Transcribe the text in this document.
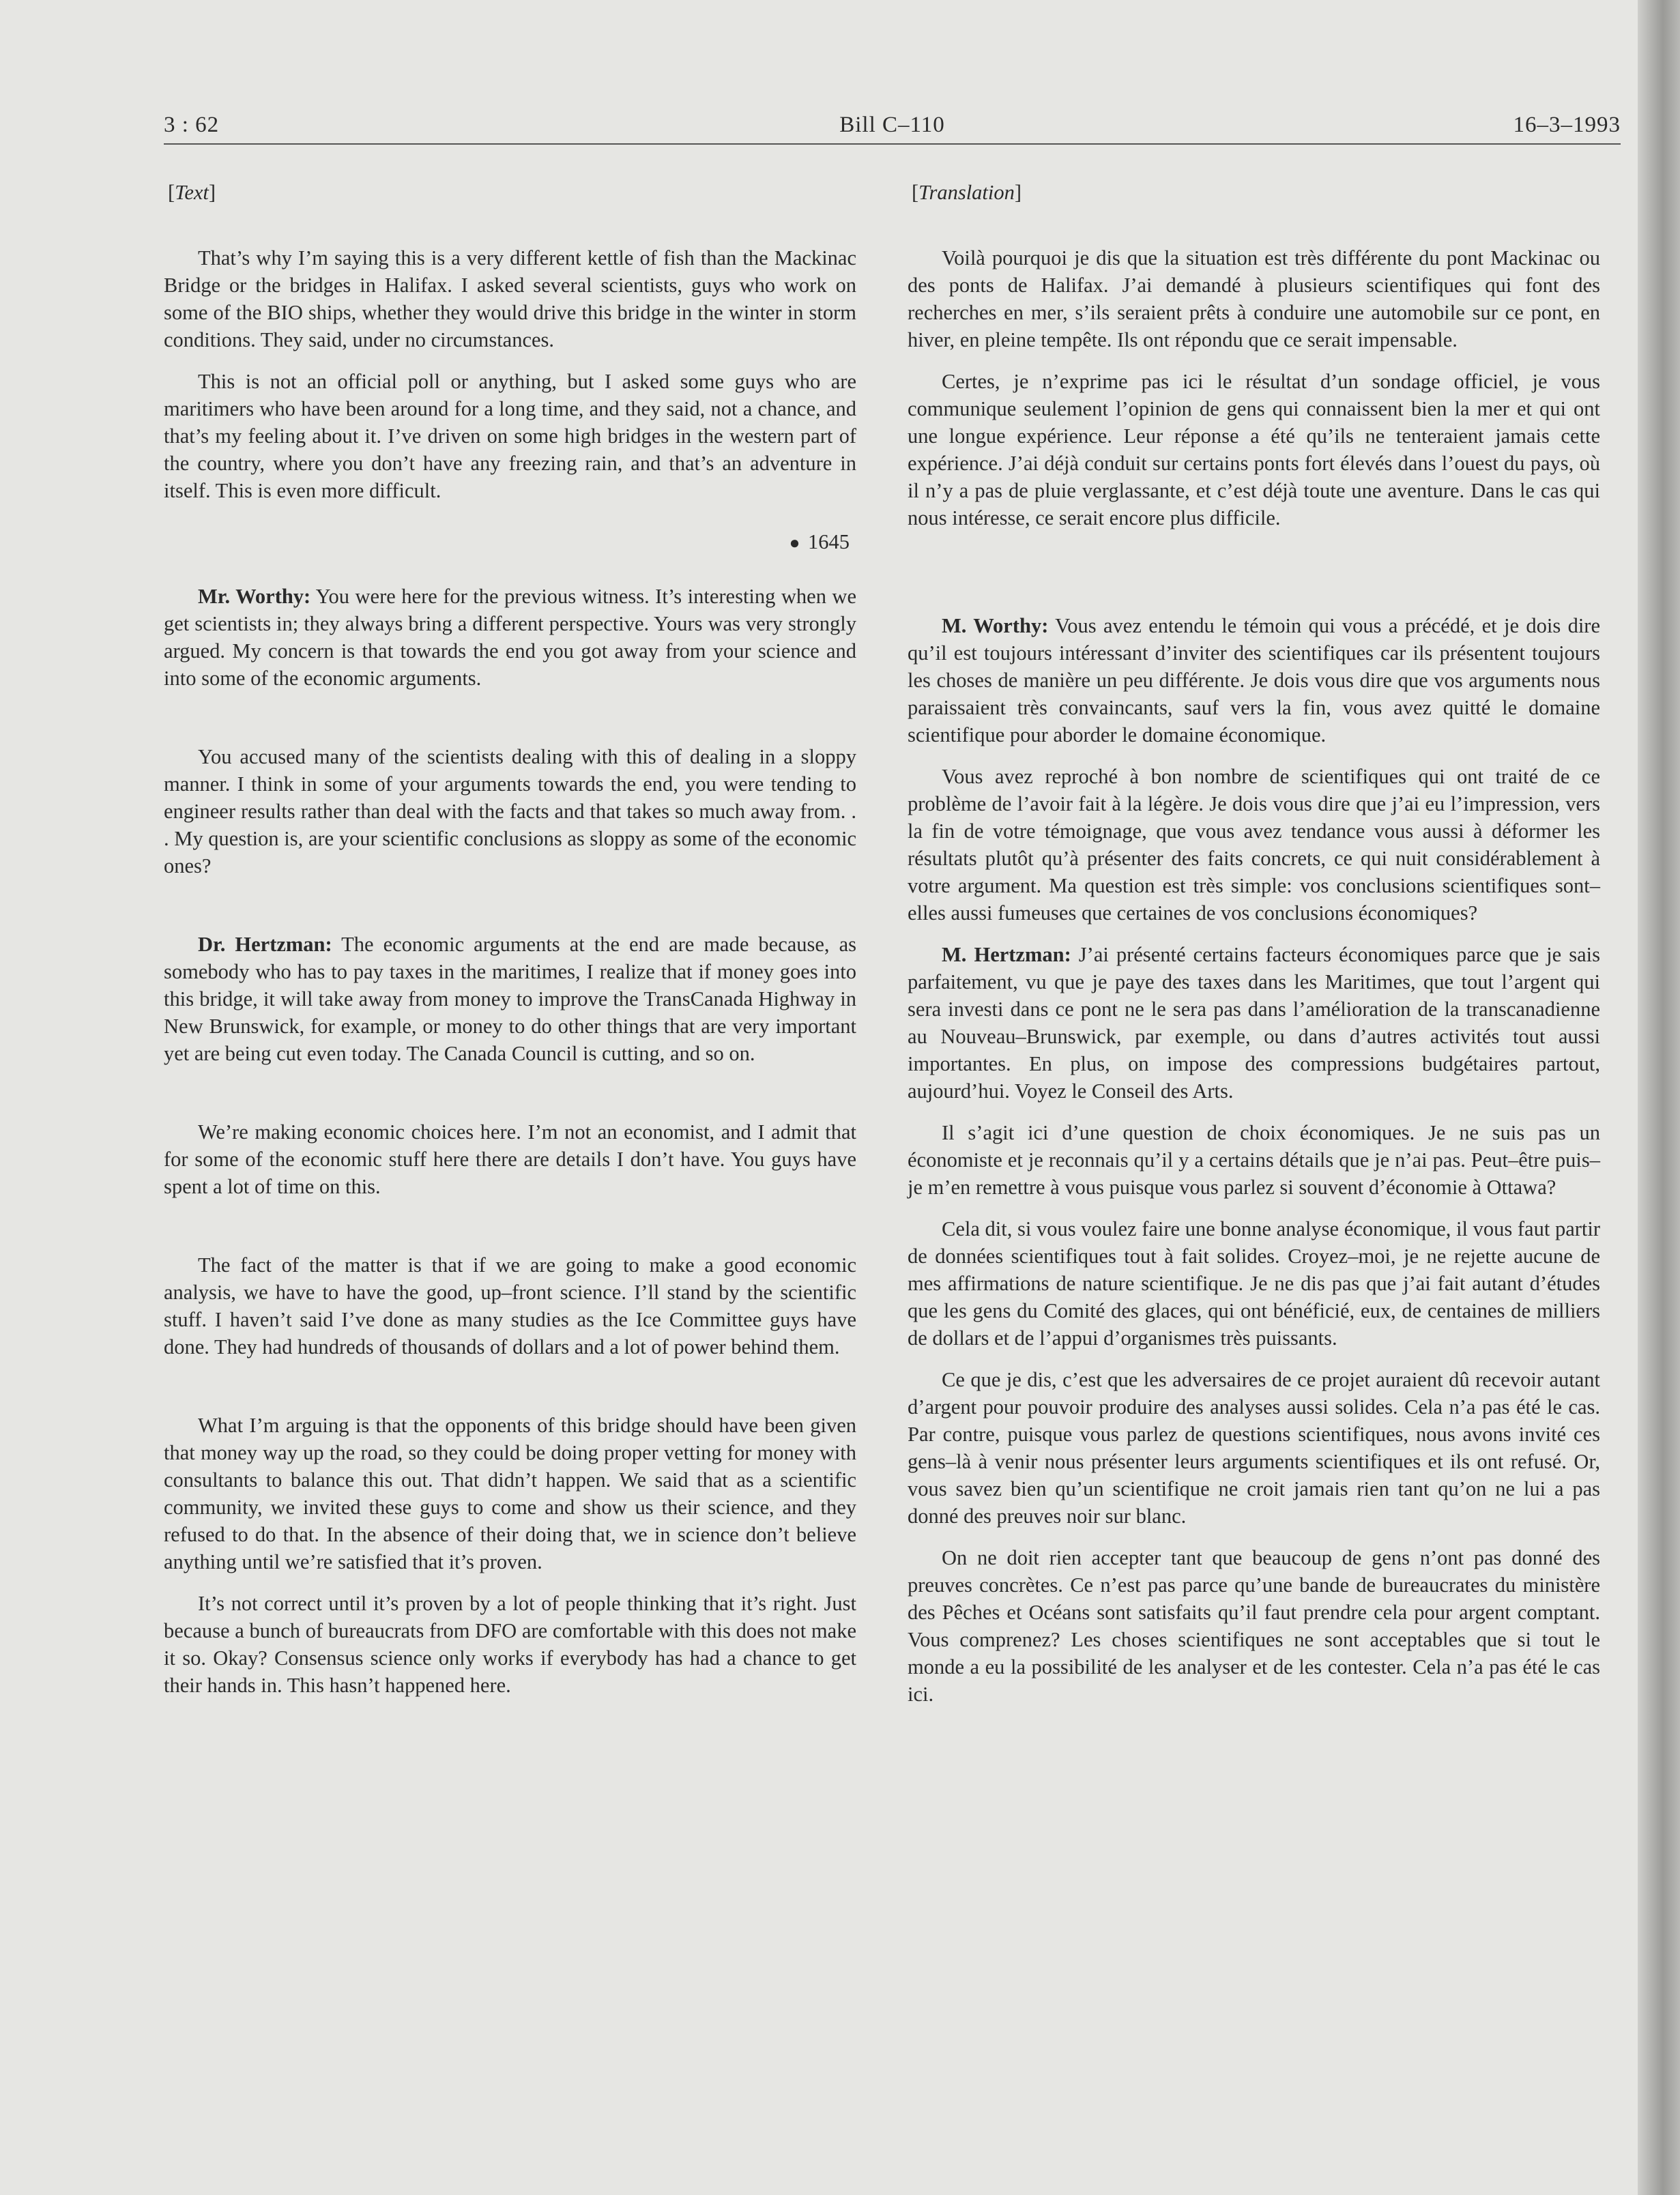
3 : 62	Bill C–110	16–3–1993
[Text]

That’s why I’m saying this is a very different kettle of fish than the Mackinac Bridge or the bridges in Halifax. I asked several scientists, guys who work on some of the BIO ships, whether they would drive this bridge in the winter in storm conditions. They said, under no circumstances.

This is not an official poll or anything, but I asked some guys who are maritimers who have been around for a long time, and they said, not a chance, and that’s my feeling about it. I’ve driven on some high bridges in the western part of the country, where you don’t have any freezing rain, and that’s an adventure in itself. This is even more difficult.

● 1645

Mr. Worthy: You were here for the previous witness. It’s interesting when we get scientists in; they always bring a different perspective. Yours was very strongly argued. My concern is that towards the end you got away from your science and into some of the economic arguments.

You accused many of the scientists dealing with this of dealing in a sloppy manner. I think in some of your arguments towards the end, you were tending to engineer results rather than deal with the facts and that takes so much away from. . . My question is, are your scientific conclusions as sloppy as some of the economic ones?

Dr. Hertzman: The economic arguments at the end are made because, as somebody who has to pay taxes in the maritimes, I realize that if money goes into this bridge, it will take away from money to improve the TransCanada Highway in New Brunswick, for example, or money to do other things that are very important yet are being cut even today. The Canada Council is cutting, and so on.

We’re making economic choices here. I’m not an economist, and I admit that for some of the economic stuff here there are details I don’t have. You guys have spent a lot of time on this.

The fact of the matter is that if we are going to make a good economic analysis, we have to have the good, up–front science. I’ll stand by the scientific stuff. I haven’t said I’ve done as many studies as the Ice Committee guys have done. They had hundreds of thousands of dollars and a lot of power behind them.

What I’m arguing is that the opponents of this bridge should have been given that money way up the road, so they could be doing proper vetting for money with consultants to balance this out. That didn’t happen. We said that as a scientific community, we invited these guys to come and show us their science, and they refused to do that. In the absence of their doing that, we in science don’t believe anything until we’re satisfied that it’s proven.

It’s not correct until it’s proven by a lot of people thinking that it’s right. Just because a bunch of bureaucrats from DFO are comfortable with this does not make it so. Okay? Consensus science only works if everybody has had a chance to get their hands in. This hasn’t happened here.

[Translation]

Voilà pourquoi je dis que la situation est très différente du pont Mackinac ou des ponts de Halifax. J’ai demandé à plusieurs scientifiques qui font des recherches en mer, s’ils seraient prêts à conduire une automobile sur ce pont, en hiver, en pleine tempête. Ils ont répondu que ce serait impensable.

Certes, je n’exprime pas ici le résultat d’un sondage officiel, je vous communique seulement l’opinion de gens qui connaissent bien la mer et qui ont une longue expérience. Leur réponse a été qu’ils ne tenteraient jamais cette expérience. J’ai déjà conduit sur certains ponts fort élevés dans l’ouest du pays, où il n’y a pas de pluie verglassante, et c’est déjà toute une aventure. Dans le cas qui nous intéresse, ce serait encore plus difficile.

M. Worthy: Vous avez entendu le témoin qui vous a précédé, et je dois dire qu’il est toujours intéressant d’inviter des scientifiques car ils présentent toujours les choses de manière un peu différente. Je dois vous dire que vos arguments nous paraissaient très convaincants, sauf vers la fin, vous avez quitté le domaine scientifique pour aborder le domaine économique.

Vous avez reproché à bon nombre de scientifiques qui ont traité de ce problème de l’avoir fait à la légère. Je dois vous dire que j’ai eu l’impression, vers la fin de votre témoignage, que vous avez tendance vous aussi à déformer les résultats plutôt qu’à présenter des faits concrets, ce qui nuit considérablement à votre argument. Ma question est très simple: vos conclusions scientifiques sont–elles aussi fumeuses que certaines de vos conclusions économiques?

M. Hertzman: J’ai présenté certains facteurs économiques parce que je sais parfaitement, vu que je paye des taxes dans les Maritimes, que tout l’argent qui sera investi dans ce pont ne le sera pas dans l’amélioration de la transcanadienne au Nouveau–Brunswick, par exemple, ou dans d’autres activités tout aussi importantes. En plus, on impose des compressions budgétaires partout, aujourd’hui. Voyez le Conseil des Arts.

Il s’agit ici d’une question de choix économiques. Je ne suis pas un économiste et je reconnais qu’il y a certains détails que je n’ai pas. Peut–être puis–je m’en remettre à vous puisque vous parlez si souvent d’économie à Ottawa?

Cela dit, si vous voulez faire une bonne analyse économique, il vous faut partir de données scientifiques tout à fait solides. Croyez–moi, je ne rejette aucune de mes affirmations de nature scientifique. Je ne dis pas que j’ai fait autant d’études que les gens du Comité des glaces, qui ont bénéficié, eux, de centaines de milliers de dollars et de l’appui d’organismes très puissants.

Ce que je dis, c’est que les adversaires de ce projet auraient dû recevoir autant d’argent pour pouvoir produire des analyses aussi solides. Cela n’a pas été le cas. Par contre, puisque vous parlez de questions scientifiques, nous avons invité ces gens–là à venir nous présenter leurs arguments scientifiques et ils ont refusé. Or, vous savez bien qu’un scientifique ne croit jamais rien tant qu’on ne lui a pas donné des preuves noir sur blanc.

On ne doit rien accepter tant que beaucoup de gens n’ont pas donné des preuves concrètes. Ce n’est pas parce qu’une bande de bureaucrates du ministère des Pêches et Océans sont satisfaits qu’il faut prendre cela pour argent comptant. Vous comprenez? Les choses scientifiques ne sont acceptables que si tout le monde a eu la possibilité de les analyser et de les contester. Cela n’a pas été le cas ici.
